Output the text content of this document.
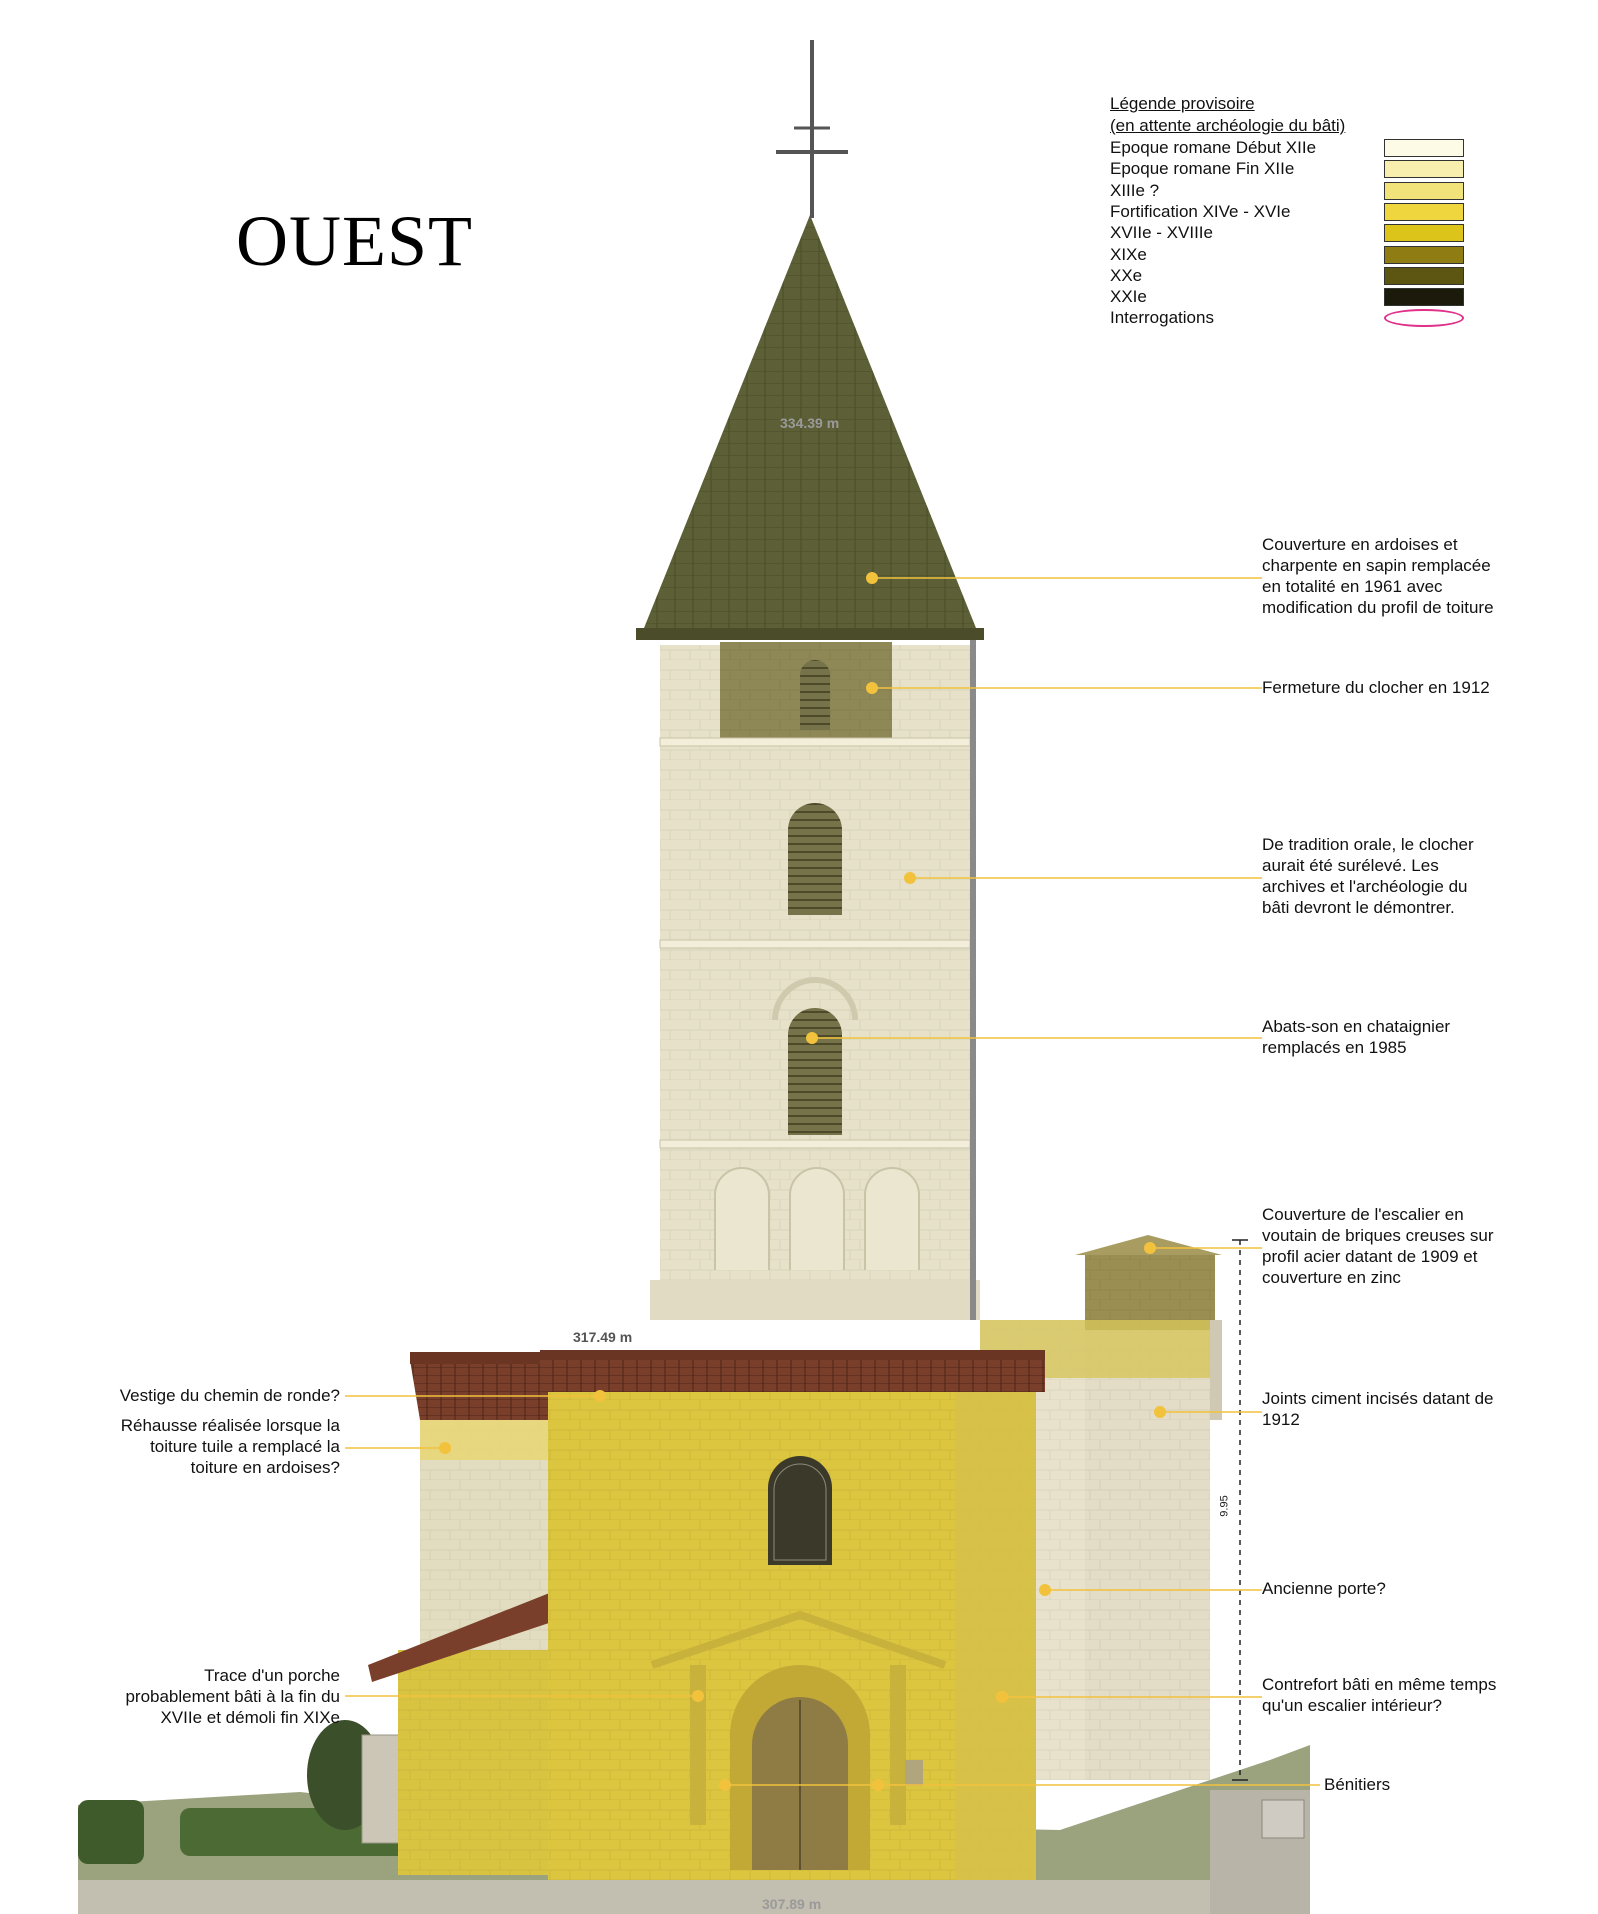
OUEST
Légende provisoire
(en attente archéologie du bâti)
Epoque romane Début XIIe
Epoque romane Fin XIIe
XIIIe ?
Fortification XIVe - XVIe
XVIIe - XVIIIe
XIXe
XXe
XXIe
Interrogations
Couverture en ardoises et
charpente en sapin remplacée
en totalité en 1961 avec
modification du profil de toiture
Fermeture du clocher en 1912
De tradition orale, le clocher
aurait été surélevé. Les
archives et l'archéologie du
bâti devront le démontrer.
Abats-son en chataignier
remplacés en 1985
Couverture de l'escalier en
voutain de briques creuses sur
profil acier datant de 1909 et
couverture en zinc
Joints ciment incisés datant de
1912
Ancienne porte?
Contrefort bâti en même temps
qu'un escalier intérieur?
Bénitiers
Vestige du chemin de ronde?
Réhausse réalisée lorsque la
toiture tuile a remplacé la
toiture en ardoises?
Trace d'un porche
probablement bâti à la fin du
XVIIe et démoli fin XIXe
334.39 m
317.49 m
307.89 m
9.95
